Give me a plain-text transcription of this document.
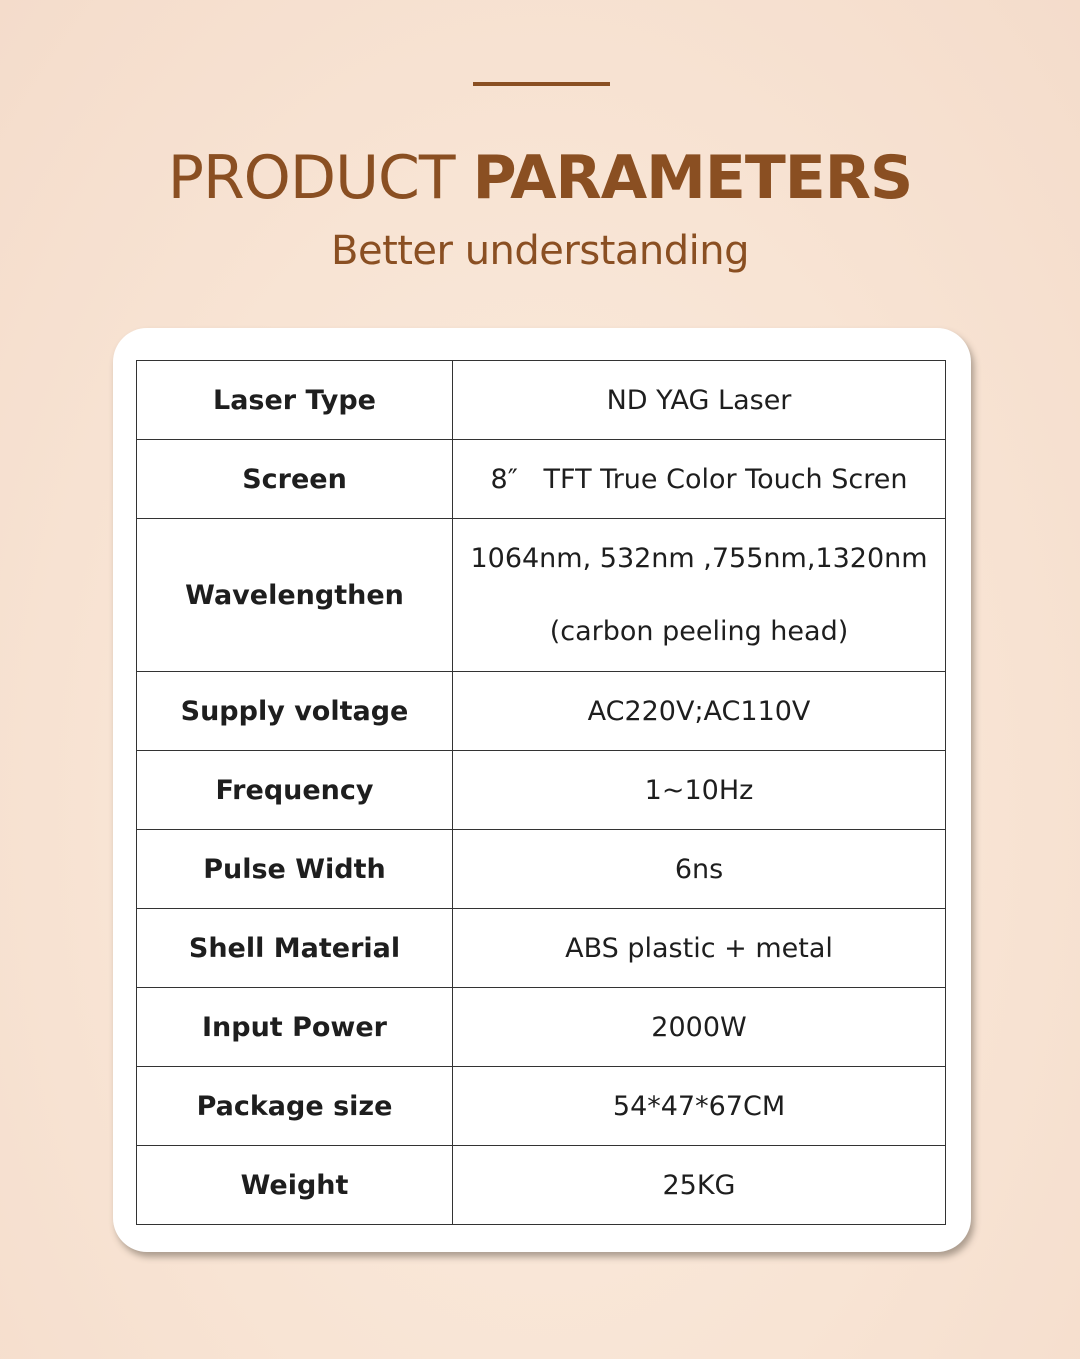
PRODUCT PARAMETERS
Better understanding
Laser Type	ND YAG Laser
Screen	8″   TFT True Color Touch Scren
Wavelengthen	1064nm, 532nm ,755nm,1320nm
(carbon peeling head)

Supply voltage	AC220V;AC110V
Frequency	1~10Hz
Pulse Width	6ns
Shell Material	ABS plastic + metal
Input Power	2000W
Package size	54*47*67CM
Weight	25KG
